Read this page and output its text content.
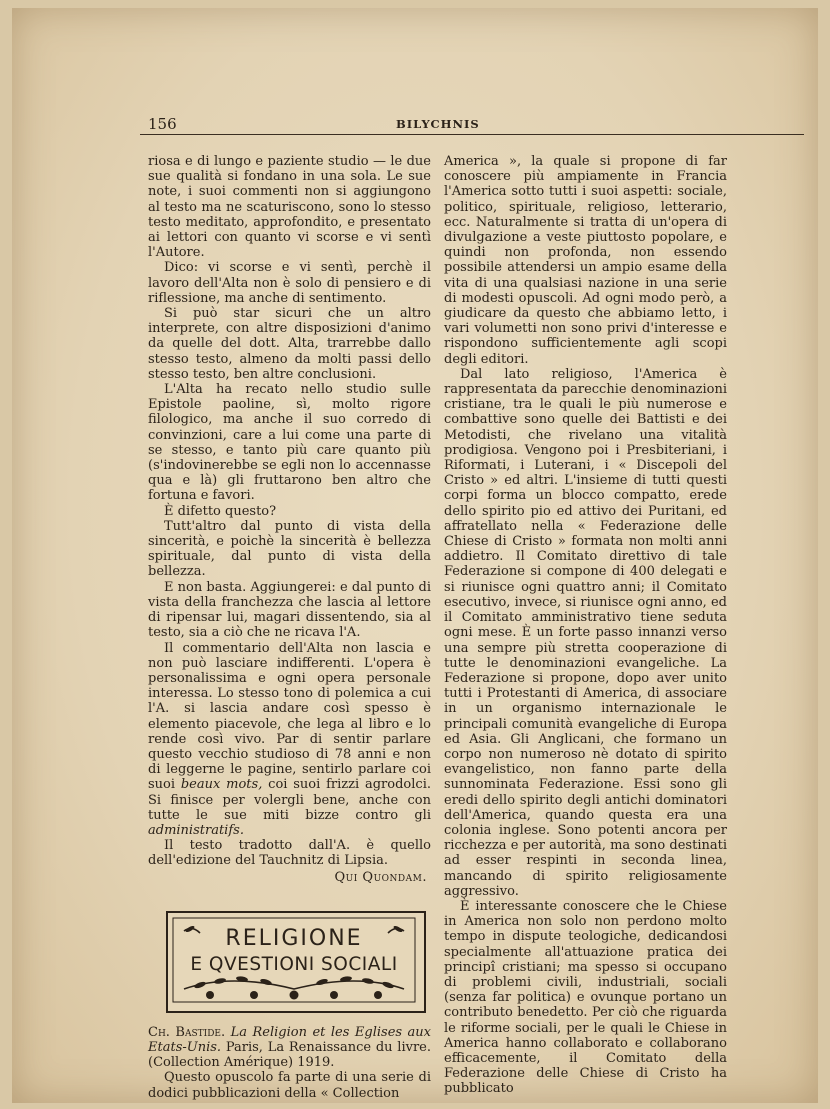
156	BILYCHNIS

riosa e di lungo e paziente studio — le due sue qualità si fondano in una sola. Le sue note, i suoi commenti non si aggiungono al testo ma ne scaturiscono, sono lo stesso testo meditato, approfondito, e presentato ai lettori con quanto vi scorse e vi sentì l'Autore.

Dico: vi scorse e vi sentì, perchè il lavoro dell'Alta non è solo di pensiero e di riflessione, ma anche di sentimento.

Si può star sicuri che un altro interprete, con altre disposizioni d'animo da quelle del dott. Alta, trarrebbe dallo stesso testo, almeno da molti passi dello stesso testo, ben altre conclusioni.

L'Alta ha recato nello studio sulle Epistole paoline, sì, molto rigore filologico, ma anche il suo corredo di convinzioni, care a lui come una parte di se stesso, e tanto più care quanto più (s'indovinerebbe se egli non lo accennasse qua e là) gli fruttarono ben altro che fortuna e favori.

È difetto questo?

Tutt'altro dal punto di vista della sincerità, e poichè la sincerità è bellezza spirituale, dal punto di vista della bellezza.

E non basta. Aggiungerei: e dal punto di vista della franchezza che lascia al lettore di ripensar lui, magari dissentendo, sia al testo, sia a ciò che ne ricava l'A.

Il commentario dell'Alta non lascia e non può lasciare indifferenti. L'opera è personalissima e ogni opera personale interessa. Lo stesso tono di polemica a cui l'A. si lascia andare così spesso è elemento piacevole, che lega al libro e lo rende così vivo. Par di sentir parlare questo vecchio studioso di 78 anni e non di leggerne le pagine, sentirlo parlare coi suoi beaux mots, coi suoi frizzi agrodolci. Si finisce per volergli bene, anche con tutte le sue miti bizze contro gli administratifs.

Il testo tradotto dall'A. è quello dell'edizione del Tauchnitz di Lipsia.

Qui Quondam.

RELIGIONE
E QVESTIONI SOCIALI

Ch. Bastide. La Religion et les Eglises aux Etats-Unis. Paris, La Renaissance du livre. (Collection Amérique) 1919.

Questo opuscolo fa parte di una serie di dodici pubblicazioni della « Collection

America », la quale si propone di far conoscere più ampiamente in Francia l'America sotto tutti i suoi aspetti: sociale, politico, spirituale, religioso, letterario, ecc. Naturalmente si tratta di un'opera di divulgazione a veste piuttosto popolare, e quindi non profonda, non essendo possibile attendersi un ampio esame della vita di una qualsiasi nazione in una serie di modesti opuscoli. Ad ogni modo però, a giudicare da questo che abbiamo letto, i vari volumetti non sono privi d'interesse e rispondono sufficientemente agli scopi degli editori.

Dal lato religioso, l'America è rappresentata da parecchie denominazioni cristiane, tra le quali le più numerose e combattive sono quelle dei Battisti e dei Metodisti, che rivelano una vitalità prodigiosa. Vengono poi i Presbiteriani, i Riformati, i Luterani, i « Discepoli del Cristo » ed altri. L'insieme di tutti questi corpi forma un blocco compatto, erede dello spirito pio ed attivo dei Puritani, ed affratellato nella « Federazione delle Chiese di Cristo » formata non molti anni addietro. Il Comitato direttivo di tale Federazione si compone di 400 delegati e si riunisce ogni quattro anni; il Comitato esecutivo, invece, si riunisce ogni anno, ed il Comitato amministrativo tiene seduta ogni mese. È un forte passo innanzi verso una sempre più stretta cooperazione di tutte le denominazioni evangeliche. La Federazione si propone, dopo aver unito tutti i Protestanti di America, di associare in un organismo internazionale le principali comunità evangeliche di Europa ed Asia. Gli Anglicani, che formano un corpo non numeroso nè dotato di spirito evangelistico, non fanno parte della sunnominata Federazione. Essi sono gli eredi dello spirito degli antichi dominatori dell'America, quando questa era una colonia inglese. Sono potenti ancora per ricchezza e per autorità, ma sono destinati ad esser respinti in seconda linea, mancando di spirito religiosamente aggressivo.

È interessante conoscere che le Chiese in America non solo non perdono molto tempo in dispute teologiche, dedicandosi specialmente all'attuazione pratica dei principî cristiani; ma spesso si occupano di problemi civili, industriali, sociali (senza far politica) e ovunque portano un contributo benedetto. Per ciò che riguarda le riforme sociali, per le quali le Chiese in America hanno collaborato e collaborano efficacemente, il Comitato della Federazione delle Chiese di Cristo ha pubblicato
